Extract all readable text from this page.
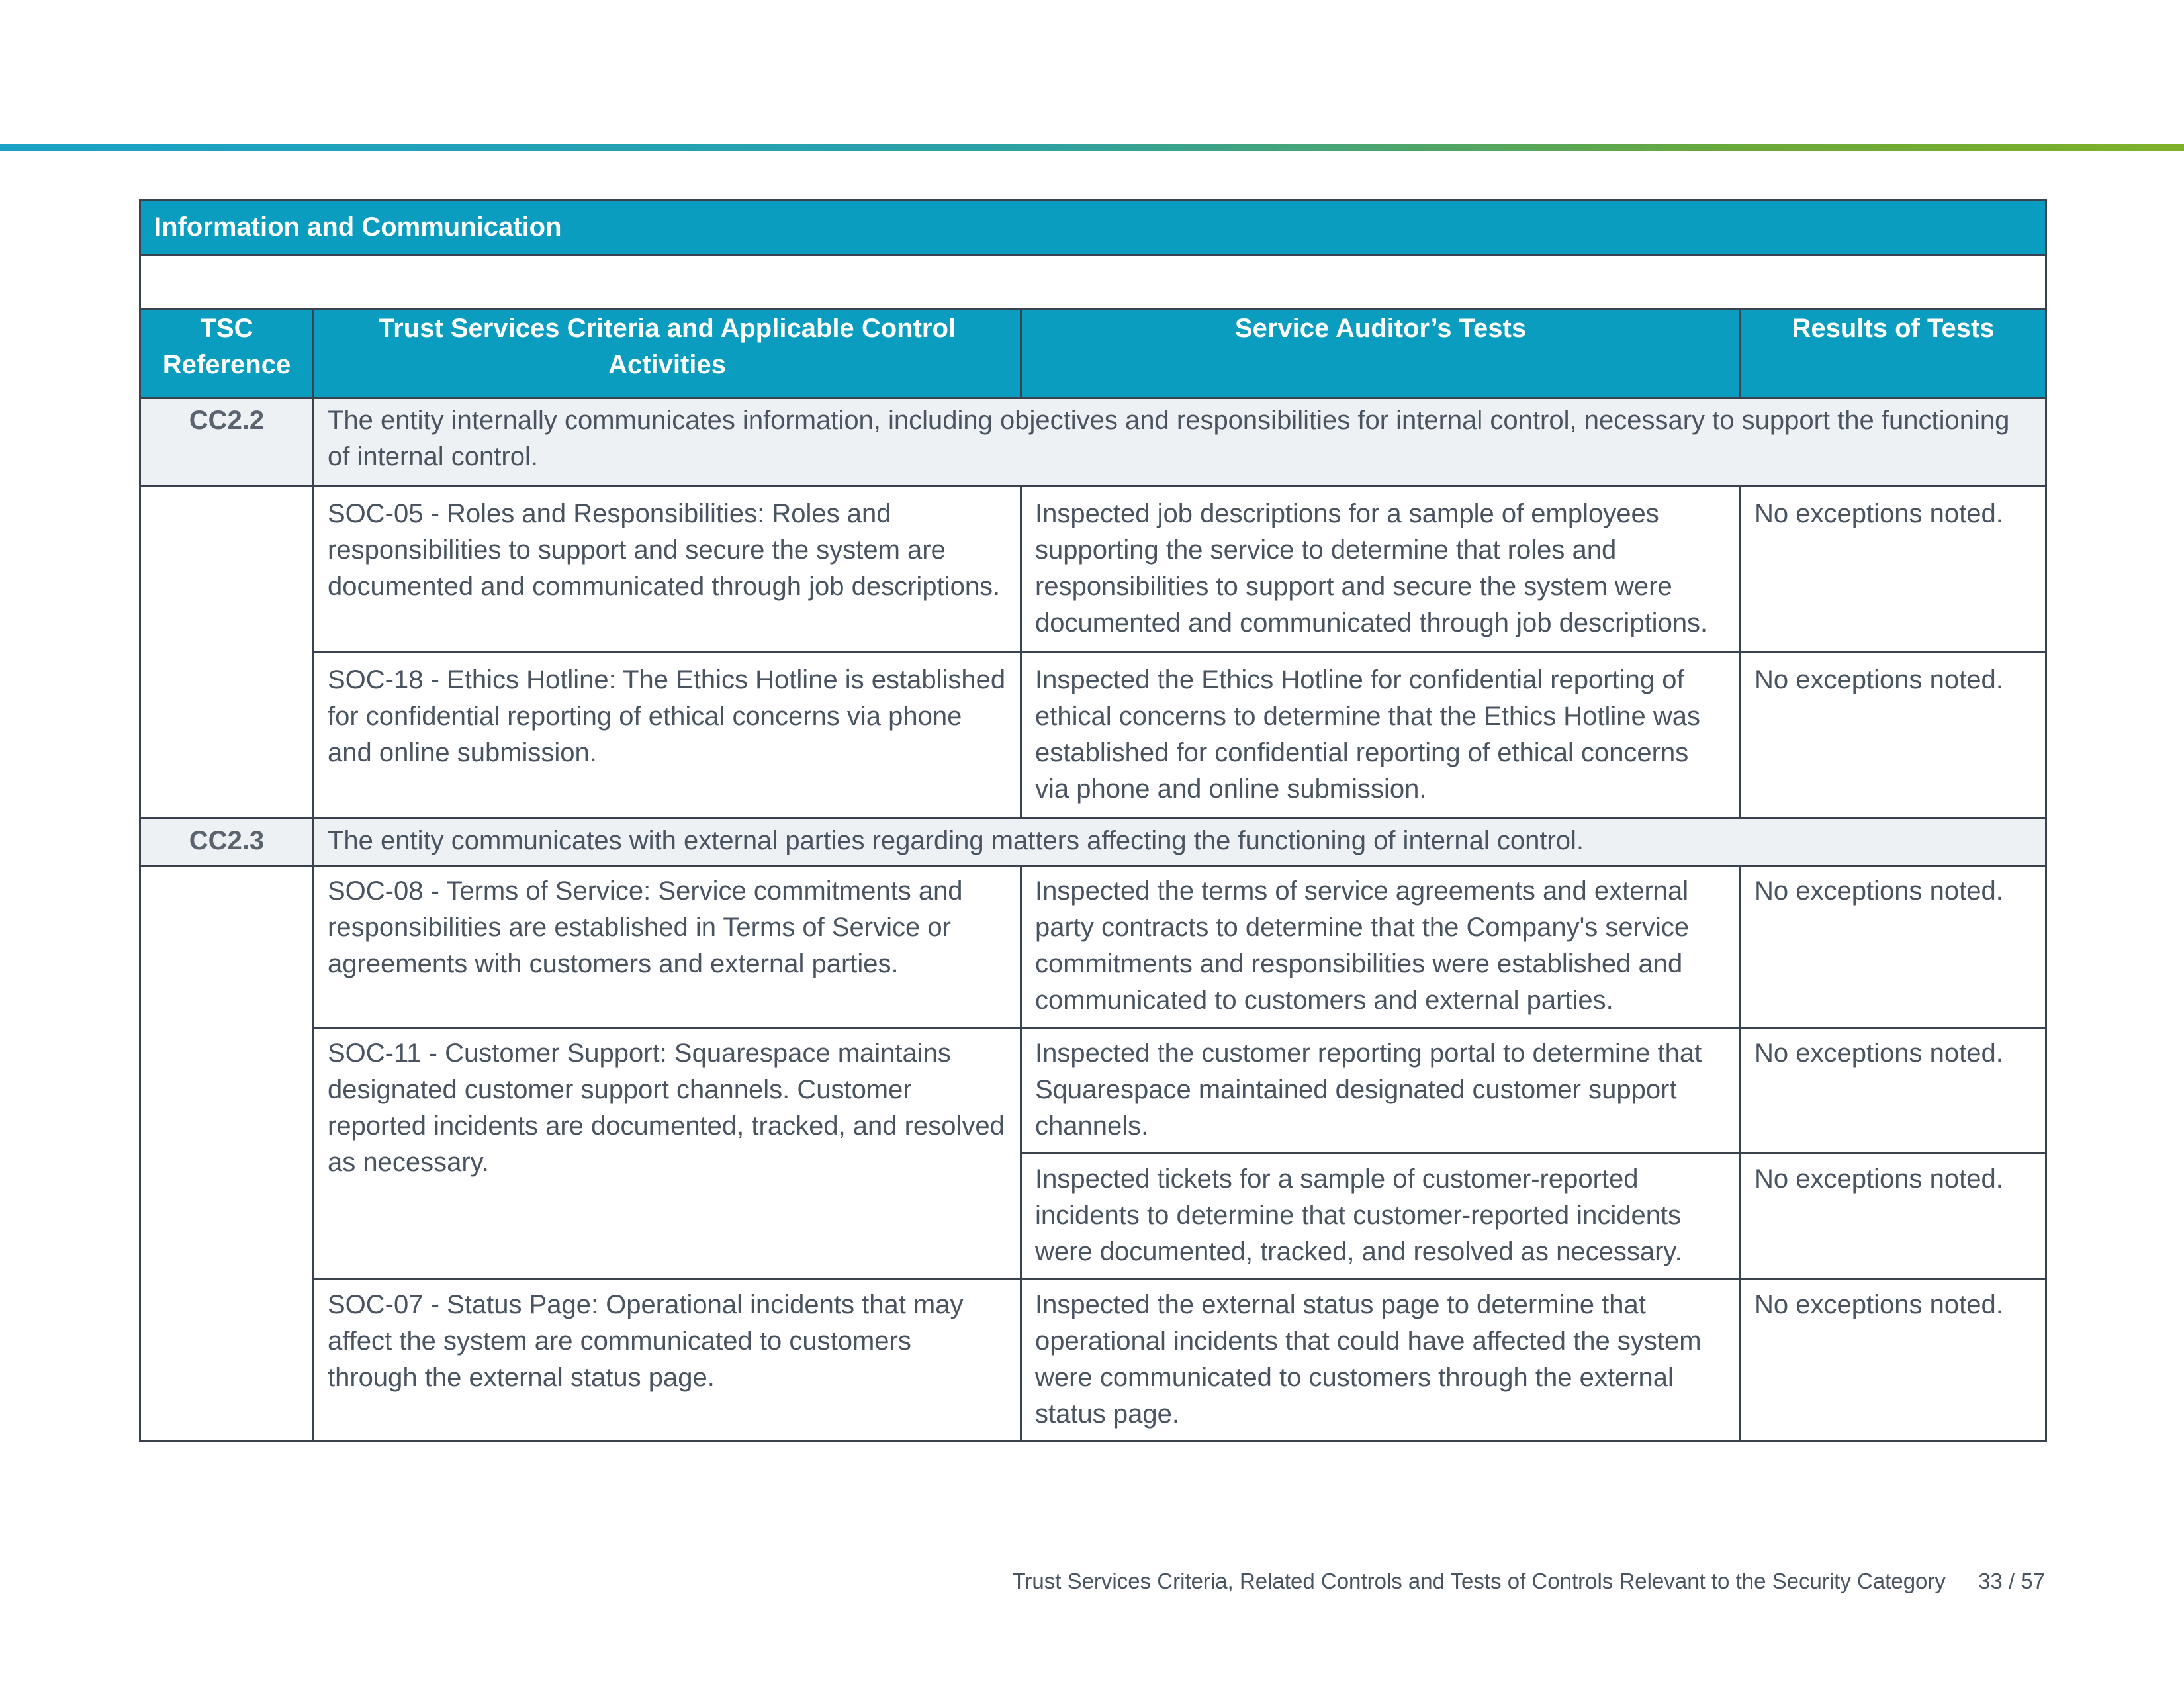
Information and Communication			

TSC Reference	Trust Services Criteria and Applicable Control Activities	Service Auditor’s Tests	Results of Tests
CC2.2	The entity internally communicates information, including objectives and responsibilities for internal control, necessary to support the functioning of internal control.		
	SOC-05 - Roles and Responsibilities: Roles and responsibilities to support and secure the system are documented and communicated through job descriptions.	Inspected job descriptions for a sample of employees supporting the service to determine that roles and responsibilities to support and secure the system were documented and communicated through job descriptions.	No exceptions noted.
	SOC-18 - Ethics Hotline: The Ethics Hotline is established for confidential reporting of ethical concerns via phone and online submission.	Inspected the Ethics Hotline for confidential reporting of ethical concerns to determine that the Ethics Hotline was established for confidential reporting of ethical concerns via phone and online submission.	No exceptions noted.
CC2.3	The entity communicates with external parties regarding matters affecting the functioning of internal control.		
	SOC-08 - Terms of Service: Service commitments and responsibilities are established in Terms of Service or agreements with customers and external parties.	Inspected the terms of service agreements and external party contracts to determine that the Company's service commitments and responsibilities were established and communicated to customers and external parties.	No exceptions noted.
	SOC-11 - Customer Support: Squarespace maintains designated customer support channels. Customer reported incidents are documented, tracked, and resolved as necessary.	Inspected the customer reporting portal to determine that Squarespace maintained designated customer support channels.	No exceptions noted.
		Inspected tickets for a sample of customer-reported incidents to determine that customer-reported incidents were documented, tracked, and resolved as necessary.	No exceptions noted.
	SOC-07 - Status Page: Operational incidents that may affect the system are communicated to customers through the external status page.	Inspected the external status page to determine that operational incidents that could have affected the system were communicated to customers through the external status page.	No exceptions noted.
Trust Services Criteria, Related Controls and Tests of Controls Relevant to the Security Category 33 / 57
